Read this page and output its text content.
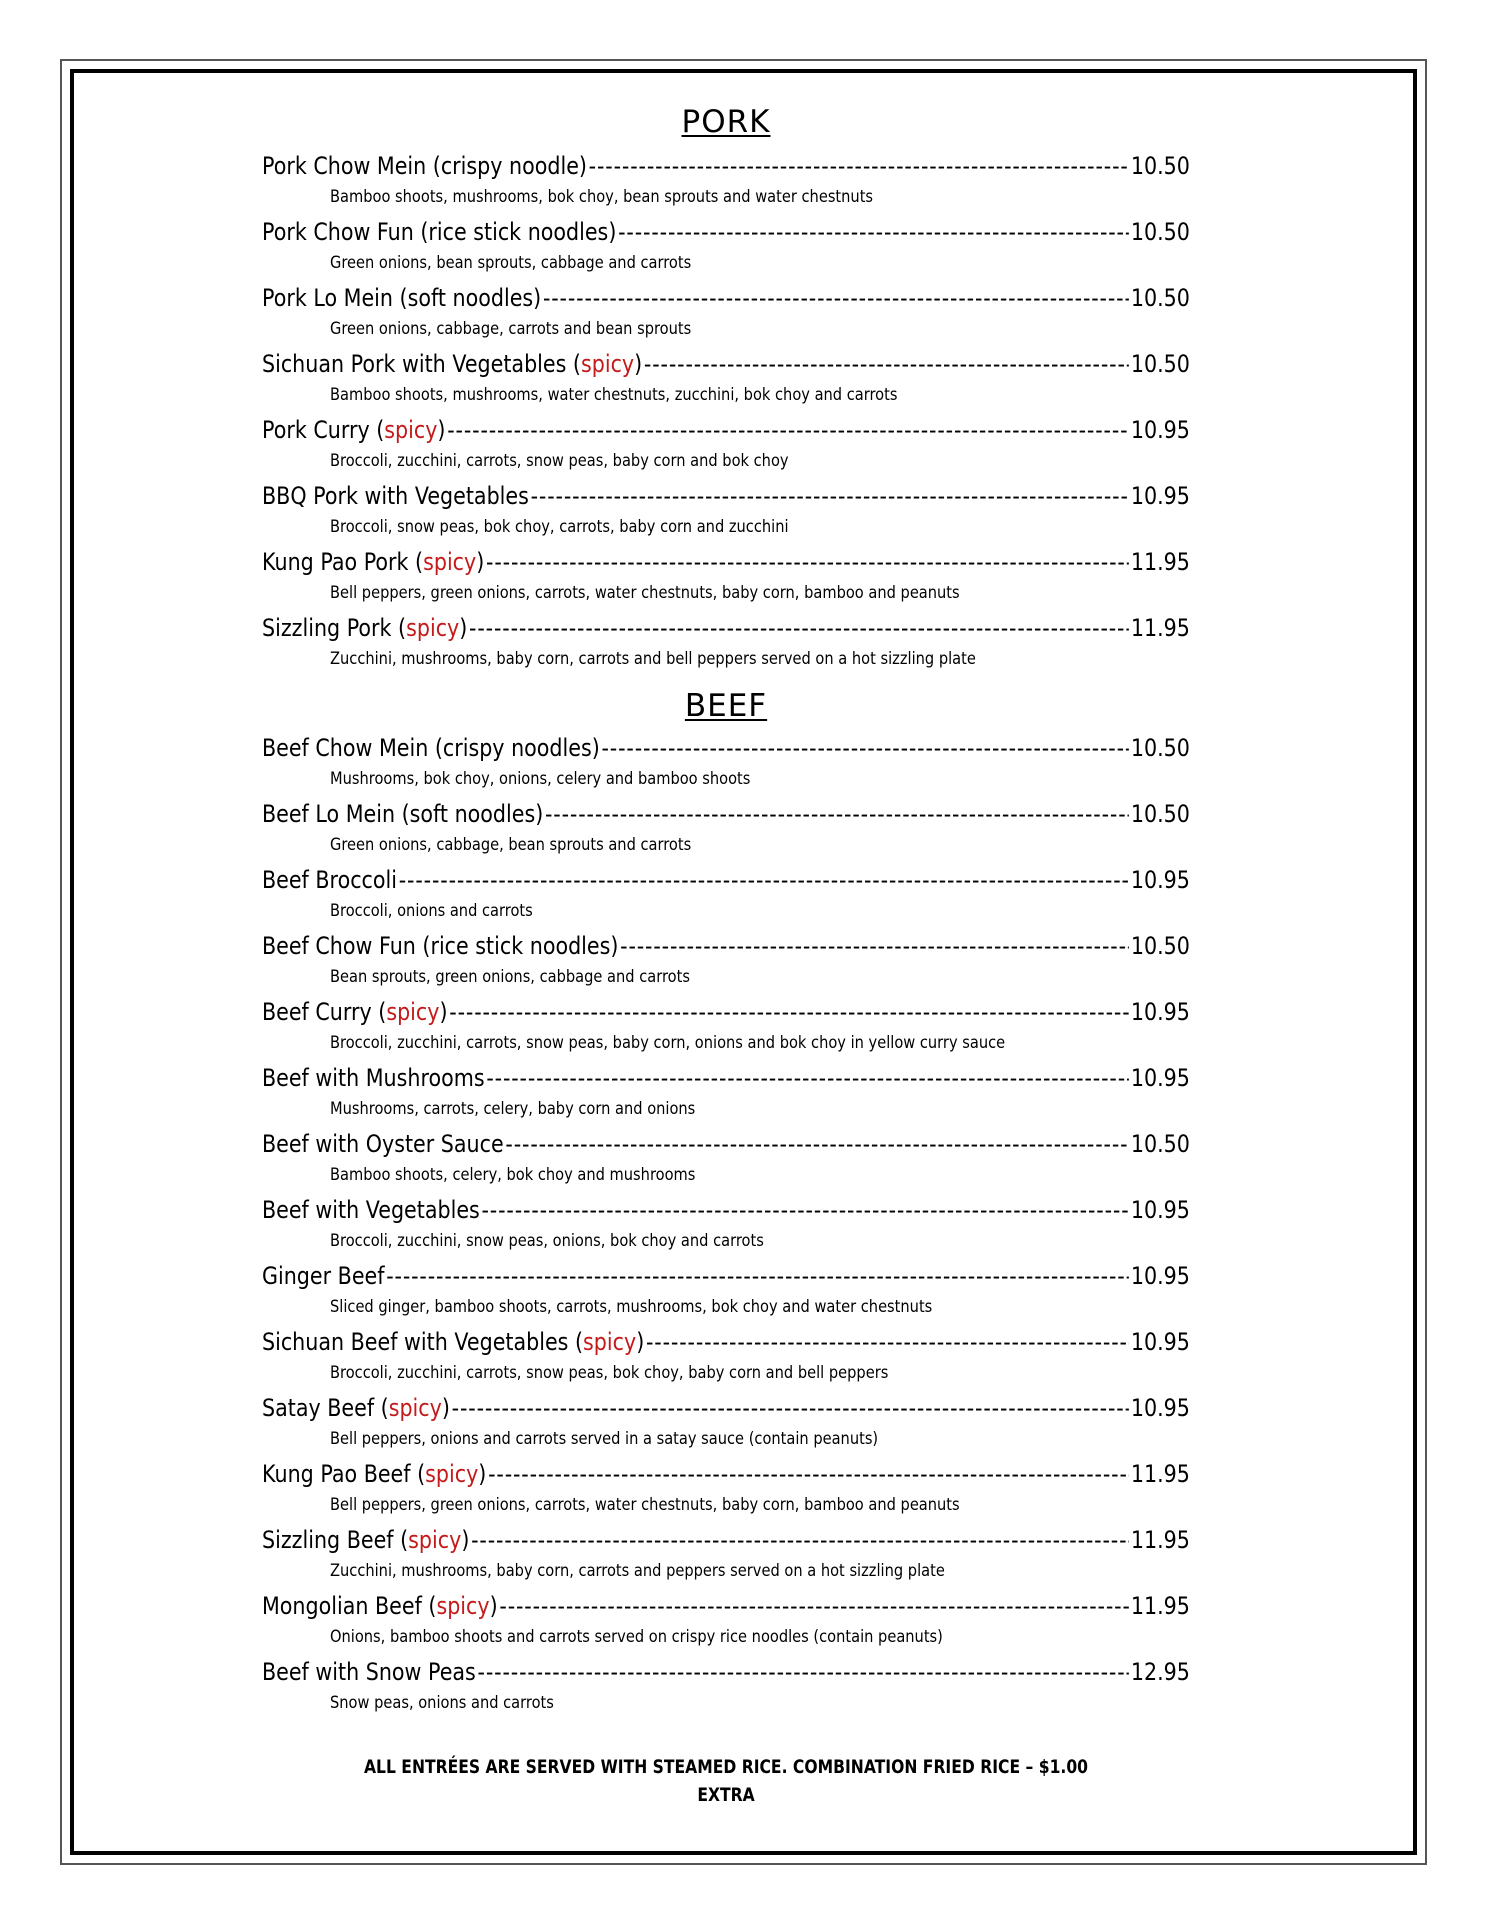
PORK
Pork Chow Mein (crispy noodle) -----	10.50
Bamboo shoots, mushrooms, bok choy, bean sprouts and water chestnuts
Pork Chow Fun (rice stick noodles) -----	10.50
Green onions, bean sprouts, cabbage and carrots
Pork Lo Mein (soft noodles) -----	10.50
Green onions, cabbage, carrots and bean sprouts
Sichuan Pork with Vegetables (spicy) -----	10.50
Bamboo shoots, mushrooms, water chestnuts, zucchini, bok choy and carrots
Pork Curry (spicy) -----	10.95
Broccoli, zucchini, carrots, snow peas, baby corn and bok choy
BBQ Pork with Vegetables -----	10.95
Broccoli, snow peas, bok choy, carrots, baby corn and zucchini
Kung Pao Pork (spicy) -----	11.95
Bell peppers, green onions, carrots, water chestnuts, baby corn, bamboo and peanuts
Sizzling Pork (spicy) -----	11.95
Zucchini, mushrooms, baby corn, carrots and bell peppers served on a hot sizzling plate
BEEF
Beef Chow Mein (crispy noodles) -----	10.50
Mushrooms, bok choy, onions, celery and bamboo shoots
Beef Lo Mein (soft noodles) -----	10.50
Green onions, cabbage, bean sprouts and carrots
Beef Broccoli -----	10.95
Broccoli, onions and carrots
Beef Chow Fun (rice stick noodles) -----	10.50
Bean sprouts, green onions, cabbage and carrots
Beef Curry (spicy) -----	10.95
Broccoli, zucchini, carrots, snow peas, baby corn, onions and bok choy in yellow curry sauce
Beef with Mushrooms -----	10.95
Mushrooms, carrots, celery, baby corn and onions
Beef with Oyster Sauce -----	10.50
Bamboo shoots, celery, bok choy and mushrooms
Beef with Vegetables -----	10.95
Broccoli, zucchini, snow peas, onions, bok choy and carrots
Ginger Beef -----	10.95
Sliced ginger, bamboo shoots, carrots, mushrooms, bok choy and water chestnuts
Sichuan Beef with Vegetables (spicy) -----	10.95
Broccoli, zucchini, carrots, snow peas, bok choy, baby corn and bell peppers
Satay Beef (spicy) -----	10.95
Bell peppers, onions and carrots served in a satay sauce (contain peanuts)
Kung Pao Beef (spicy) -----	11.95
Bell peppers, green onions, carrots, water chestnuts, baby corn, bamboo and peanuts
Sizzling Beef (spicy) -----	11.95
Zucchini, mushrooms, baby corn, carrots and peppers served on a hot sizzling plate
Mongolian Beef (spicy) -----	11.95
Onions, bamboo shoots and carrots served on crispy rice noodles (contain peanuts)
Beef with Snow Peas -----	12.95
Snow peas, onions and carrots
ALL ENTRÉES ARE SERVED WITH STEAMED RICE. COMBINATION FRIED RICE – $1.00 EXTRA
